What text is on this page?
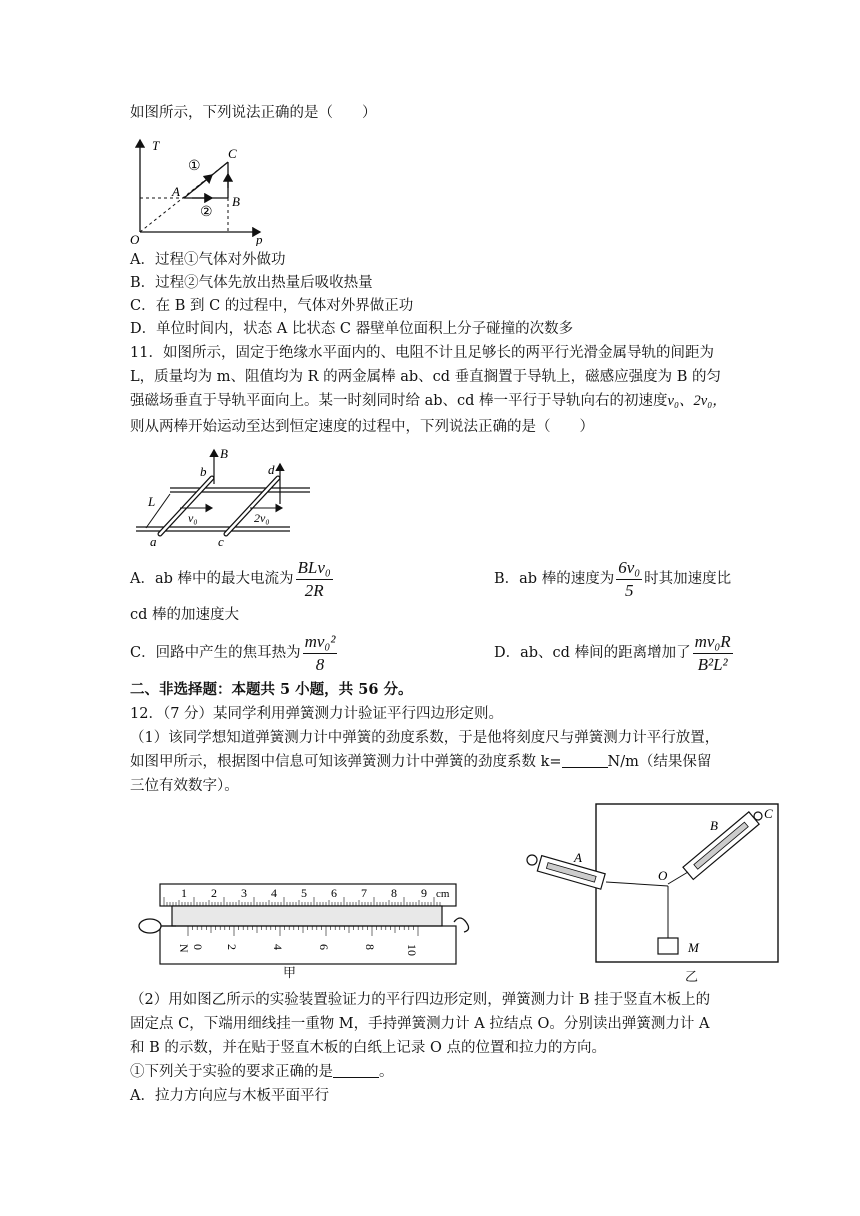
如图所示，下列说法正确的是（　　）
T
p
O
A
C
B
①
②
A．过程①气体对外做功
B．过程②气体先放出热量后吸收热量
C．在 B 到 C 的过程中，气体对外界做正功
D．单位时间内，状态 A 比状态 C 器壁单位面积上分子碰撞的次数多
11．如图所示，固定于绝缘水平面内的、电阻不计且足够长的两平行光滑金属导轨的间距为
L，质量均为 m、阻值均为 R 的两金属棒 ab、cd 垂直搁置于导轨上，磁感应强度为 B 的匀
强磁场垂直于导轨平面向上。某一时刻同时给 ab、cd 棒一平行于导轨向右的初速度v₀、2v₀，
则从两棒开始运动至达到恒定速度的过程中，下列说法正确的是（　　）
B
b	d
a	c
L
v₀	2v₀
A．ab 棒中的最大电流为 $\frac{\text{BLv₀}}{2R}$	B．ab 棒的速度为 $\frac{\text{6v₀}}{5}$ 时其加速度比
cd 棒的加速度大
C．回路中产生的焦耳热为 $\frac{\text{mv₀²}}{8}$	D．ab、cd 棒间的距离增加了 $\frac{\text{mv₀R}}{\text{B²L²}}$
二、非选择题：本题共 5 小题，共 56 分。
12．（7 分）某同学利用弹簧测力计验证平行四边形定则。
（1）该同学想知道弹簧测力计中弹簧的劲度系数，于是他将刻度尺与弹簧测力计平行放置，
如图甲所示，根据图中信息可知该弹簧测力计中弹簧的劲度系数 k=	N/m（结果保留
三位有效数字）。
1 2 3 4 5 6 7 8 9 cm
N 0 2	4	6	8 10
甲
C
B
A
O
M
乙
（2）用如图乙所示的实验装置验证力的平行四边形定则，弹簧测力计 B 挂于竖直木板上的
固定点 C，下端用细线挂一重物 M，手持弹簧测力计 A 拉结点 O。分别读出弹簧测力计 A
和 B 的示数，并在贴于竖直木板的白纸上记录 O 点的位置和拉力的方向。
①下列关于实验的要求正确的是	。
A．拉力方向应与木板平面平行
